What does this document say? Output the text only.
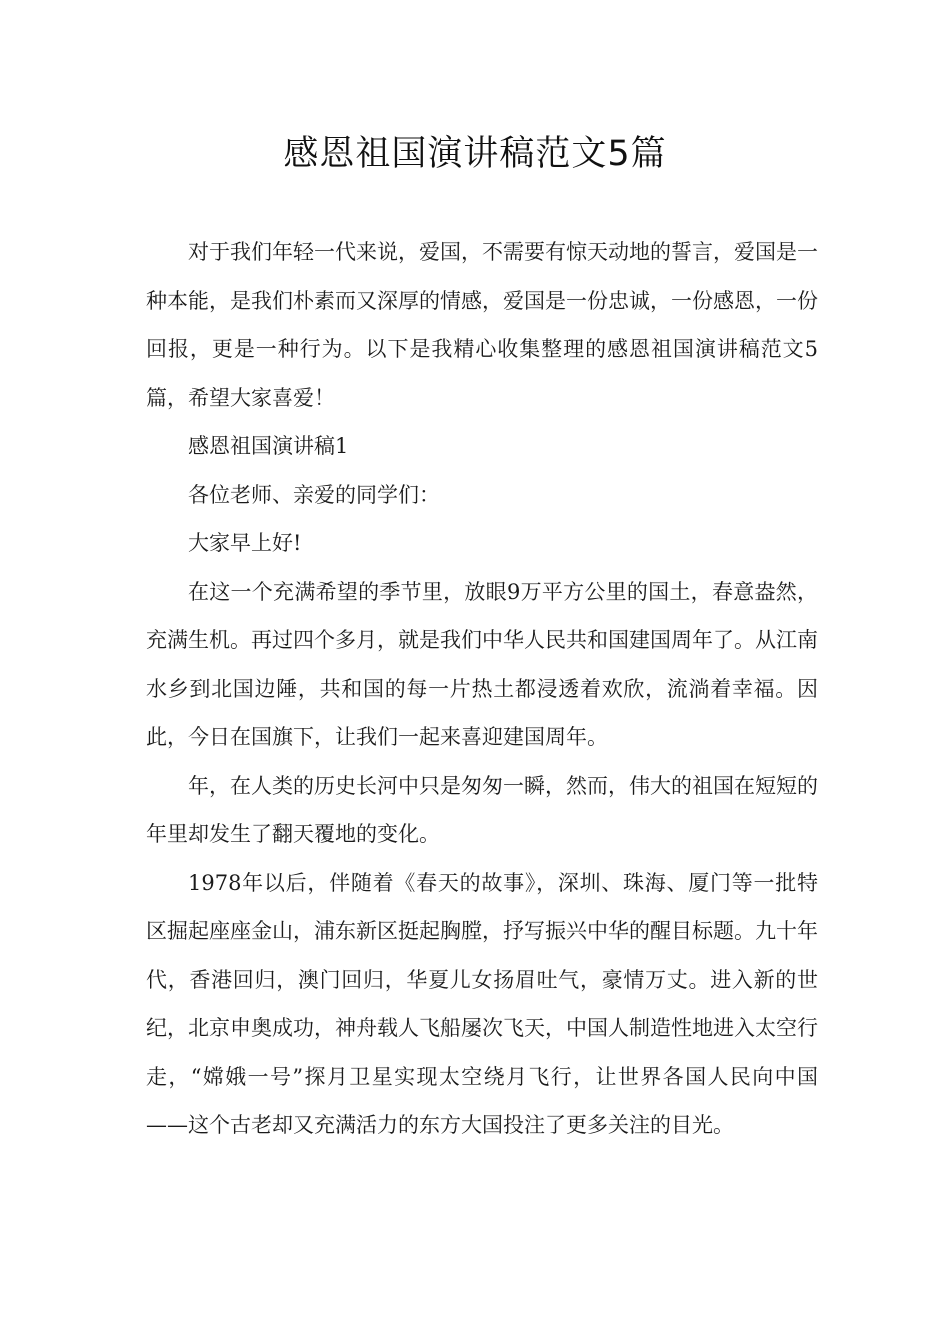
感恩祖国演讲稿范文5篇

对于我们年轻一代来说，爱国，不需要有惊天动地的誓言，爱国是一种本能，是我们朴素而又深厚的情感，爱国是一份忠诚，一份感恩，一份回报，更是一种行为。以下是我精心收集整理的感恩祖国演讲稿范文5篇，希望大家喜爱！

感恩祖国演讲稿1

各位老师、亲爱的同学们：

大家早上好!

在这一个充满希望的季节里，放眼9万平方公里的国土，春意盎然，充满生机。再过四个多月，就是我们中华人民共和国建国周年了。从江南水乡到北国边陲，共和国的每一片热土都浸透着欢欣，流淌着幸福。因此，今日在国旗下，让我们一起来喜迎建国周年。

年，在人类的历史长河中只是匆匆一瞬，然而，伟大的祖国在短短的年里却发生了翻天覆地的变化。

1978年以后，伴随着《春天的故事》，深圳、珠海、厦门等一批特区掘起座座金山，浦东新区挺起胸膛，抒写振兴中华的醒目标题。九十年代，香港回归，澳门回归，华夏儿女扬眉吐气，豪情万丈。进入新的世纪，北京申奥成功，神舟载人飞船屡次飞天，中国人制造性地进入太空行走，“嫦娥一号”探月卫星实现太空绕月飞行，让世界各国人民向中国——这个古老却又充满活力的东方大国投注了更多关注的目光。
